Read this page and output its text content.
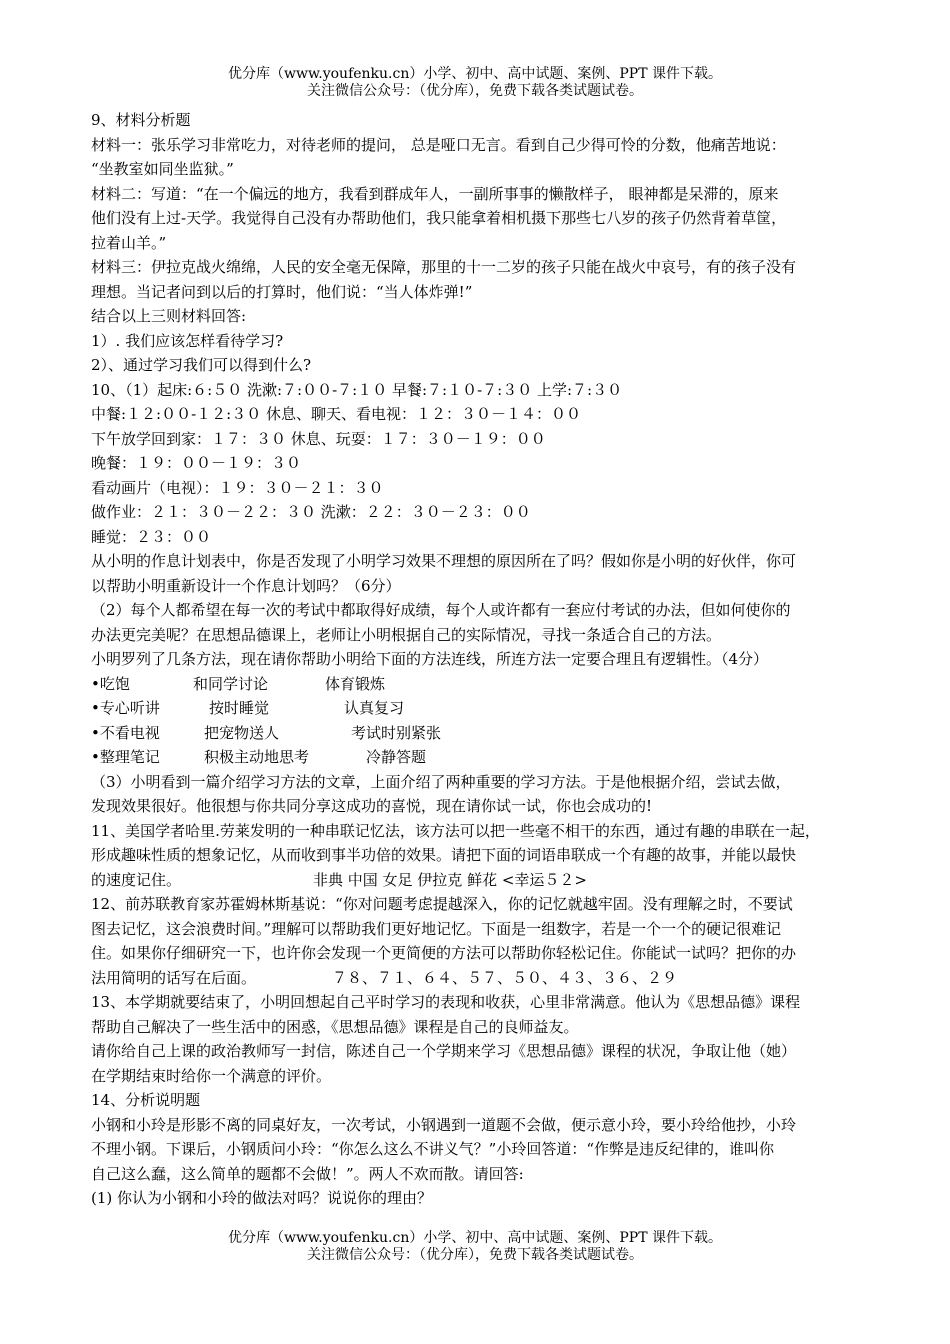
优分库（www.youfenku.cn）小学、初中、高中试题、案例、PPT 课件下载。
关注微信公众号：（优分库），免费下载各类试题试卷。

9、材料分析题

材料一：张乐学习非常吃力，对待老师的提问， 总是哑口无言。看到自己少得可怜的分数，他痛苦地说：

“坐教室如同坐监狱。”

材料二：写道：“在一个偏远的地方，我看到群成年人，一副所事事的懒散样子， 眼神都是呆滞的，原来

他们没有上过-天学。我觉得自己没有办帮助他们，我只能拿着相机摄下那些七八岁的孩子仍然背着草筐，

拉着山羊。”

材料三：伊拉克战火绵绵，人民的安全毫无保障，那里的十一二岁的孩子只能在战火中哀号，有的孩子没有

理想。当记者问到以后的打算时，他们说：“当人体炸弹!”

结合以上三则材料回答:

1）. 我们应该怎样看待学习?

2）、通过学习我们可以得到什么?

10、（1）起床:６:５０ 洗漱:７:００-７:１０ 早餐:７:１０-７:３０ 上学:７:３０

中餐:１２:００-１２:３０ 休息、聊天、看电视：１２：３０－１４：００

下午放学回到家：１７：３０ 休息、玩耍：１７：３０－１９：００

晚餐：１９：００－１９：３０

看动画片（电视）：１９：３０－２１：３０

做作业：２１：３０－２２：３０ 洗漱：２２：３０－２３：００

睡觉：２３：００

从小明的作息计划表中，你是否发现了小明学习效果不理想的原因所在了吗？假如你是小明的好伙伴，你可

以帮助小明重新设计一个作息计划吗？（6分）

（2）每个人都希望在每一次的考试中都取得好成绩，每个人或许都有一套应付考试的办法，但如何使你的

办法更完美呢？在思想品德课上，老师让小明根据自己的实际情况，寻找一条适合自己的方法。

小明罗列了几条方法，现在请你帮助小明给下面的方法连线，所连方法一定要合理且有逻辑性。（4分）

•吃饱	和同学讨论	体育锻炼
•专心听讲	按时睡觉	认真复习
•不看电视	把宠物送人	考试时别紧张
•整理笔记	积极主动地思考	冷静答题

（3）小明看到一篇介绍学习方法的文章，上面介绍了两种重要的学习方法。于是他根据介绍，尝试去做，

发现效果很好。他很想与你共同分享这成功的喜悦，现在请你试一试，你也会成功的!

11、美国学者哈里.劳莱发明的一种串联记忆法，该方法可以把一些毫不相干的东西，通过有趣的串联在一起，

形成趣味性质的想象记忆，从而收到事半功倍的效果。请把下面的词语串联成一个有趣的故事，并能以最快

的速度记住。	非典 中国 女足 伊拉克 鲜花 <幸运５２>

12、前苏联教育家苏霍姆林斯基说：“你对问题考虑提越深入，你的记忆就越牢固。没有理解之时，不要试

图去记忆，这会浪费时间。”理解可以帮助我们更好地记忆。下面是一组数字，若是一个一个的硬记很难记

住。如果你仔细研究一下，也许你会发现一个更简便的方法可以帮助你轻松记住。你能试一试吗？把你的办

法用简明的话写在后面。	７８、７１、６４、５７、５０、４３、３６、２９

13、本学期就要结束了，小明回想起自己平时学习的表现和收获，心里非常满意。他认为《思想品德》课程

帮助自己解决了一些生活中的困惑，《思想品德》课程是自己的良师益友。

请你给自己上课的政治教师写一封信，陈述自己一个学期来学习《思想品德》课程的状况，争取让他（她）

在学期结束时给你一个满意的评价。

14、分析说明题

小钢和小玲是形影不离的同桌好友，一次考试，小钢遇到一道题不会做，便示意小玲，要小玲给他抄，小玲

不理小钢。下课后，小钢质问小玲：“你怎么这么不讲义气？”小玲回答道：“作弊是违反纪律的，谁叫你

自己这么蠢，这么简单的题都不会做！”。两人不欢而散。请回答:

(1) 你认为小钢和小玲的做法对吗？说说你的理由？

优分库（www.youfenku.cn）小学、初中、高中试题、案例、PPT 课件下载。
关注微信公众号：（优分库），免费下载各类试题试卷。
